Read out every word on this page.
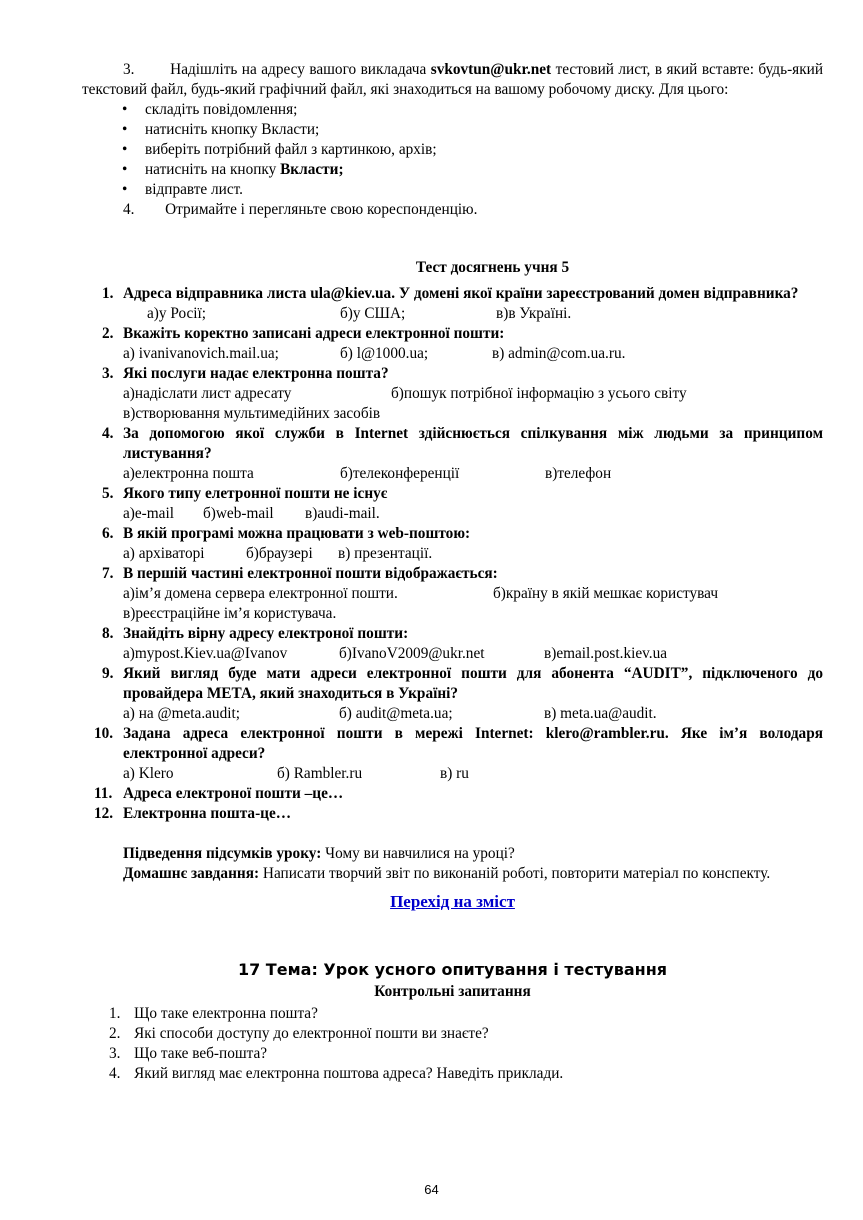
3. Надішліть на адресу вашого викладача svkovtun@ukr.net тестовий лист, в який вставте: будь-який текстовий файл, будь-який графічний файл, які знаходиться на вашому робочому диску. Для цього:

• складіть повідомлення;
• натисніть кнопку Вкласти;
• виберіть потрібний файл з картинкою, архів;
• натисніть на кнопку Вкласти;
• відправте лист.

4. Отримайте і перегляньте свою кореспонденцію.

Тест досягнень учня 5
1. Адреса відправника листа ula@kiev.ua. У домені якої країни зареєстрований домен відправника?
а)у Росії;	б)у США;	в)в Україні.
2. Вкажіть коректно записані адреси електронної пошти:
а) ivanivanovich.mail.ua;	б) l@1000.ua;	в) admin@com.ua.ru.
3. Які послуги надає електронна пошта?
а)надіслати лист адресату	б)пошук потрібної інформацію з усього світу
в)створювання мультимедійних засобів
4. За допомогою якої служби в Internet здійснюється спілкування між людьми за принципом листування?
а)електронна пошта	б)телеконференції	в)телефон
5. Якого типу елетронної пошти не існує
а)e-mail	б)web-mail	в)audi-mail.
6. В якій програмі можна працювати з web-поштою:
а) архіваторі	б)браузері	в) презентації.
7. В першій частині електронної пошти відображається:
а)ім’я домена сервера електронної пошти.	б)країну в якій мешкає користувач
в)реєстраційне ім’я користувача.
8. Знайдіть вірну адресу електроної пошти:
а)mypost.Kiev.ua@Ivanov	б)IvanoV2009@ukr.net	в)email.post.kiev.ua
9. Який вигляд буде мати адреси електронної пошти для абонента “AUDIT”, підключеного до провайдера МЕТА, який знаходиться в Україні?
а) на @meta.audit;	б) audit@meta.ua;	в) meta.ua@audit.
10. Задана адреса електронної пошти в мережі Internet: klero@rambler.ru. Яке ім’я володаря електронної адреси?
а) Klero	б) Rambler.ru	в) ru
11. Адреса електроної пошти –це…
12. Електронна пошта-це…

Підведення підсумків уроку: Чому ви навчилися на уроці?

Домашнє завдання: Написати творчий звіт по виконаній роботі, повторити матеріал по конспекту.

Перехід на зміст
17 Тема: Урок усного опитування і тестування
Контрольні запитання
1. Що таке електронна пошта?
2. Які способи доступу до електронної пошти ви знаєте?
3. Що таке веб-пошта?
4. Який вигляд має електронна поштова адреса? Наведіть приклади.
64
